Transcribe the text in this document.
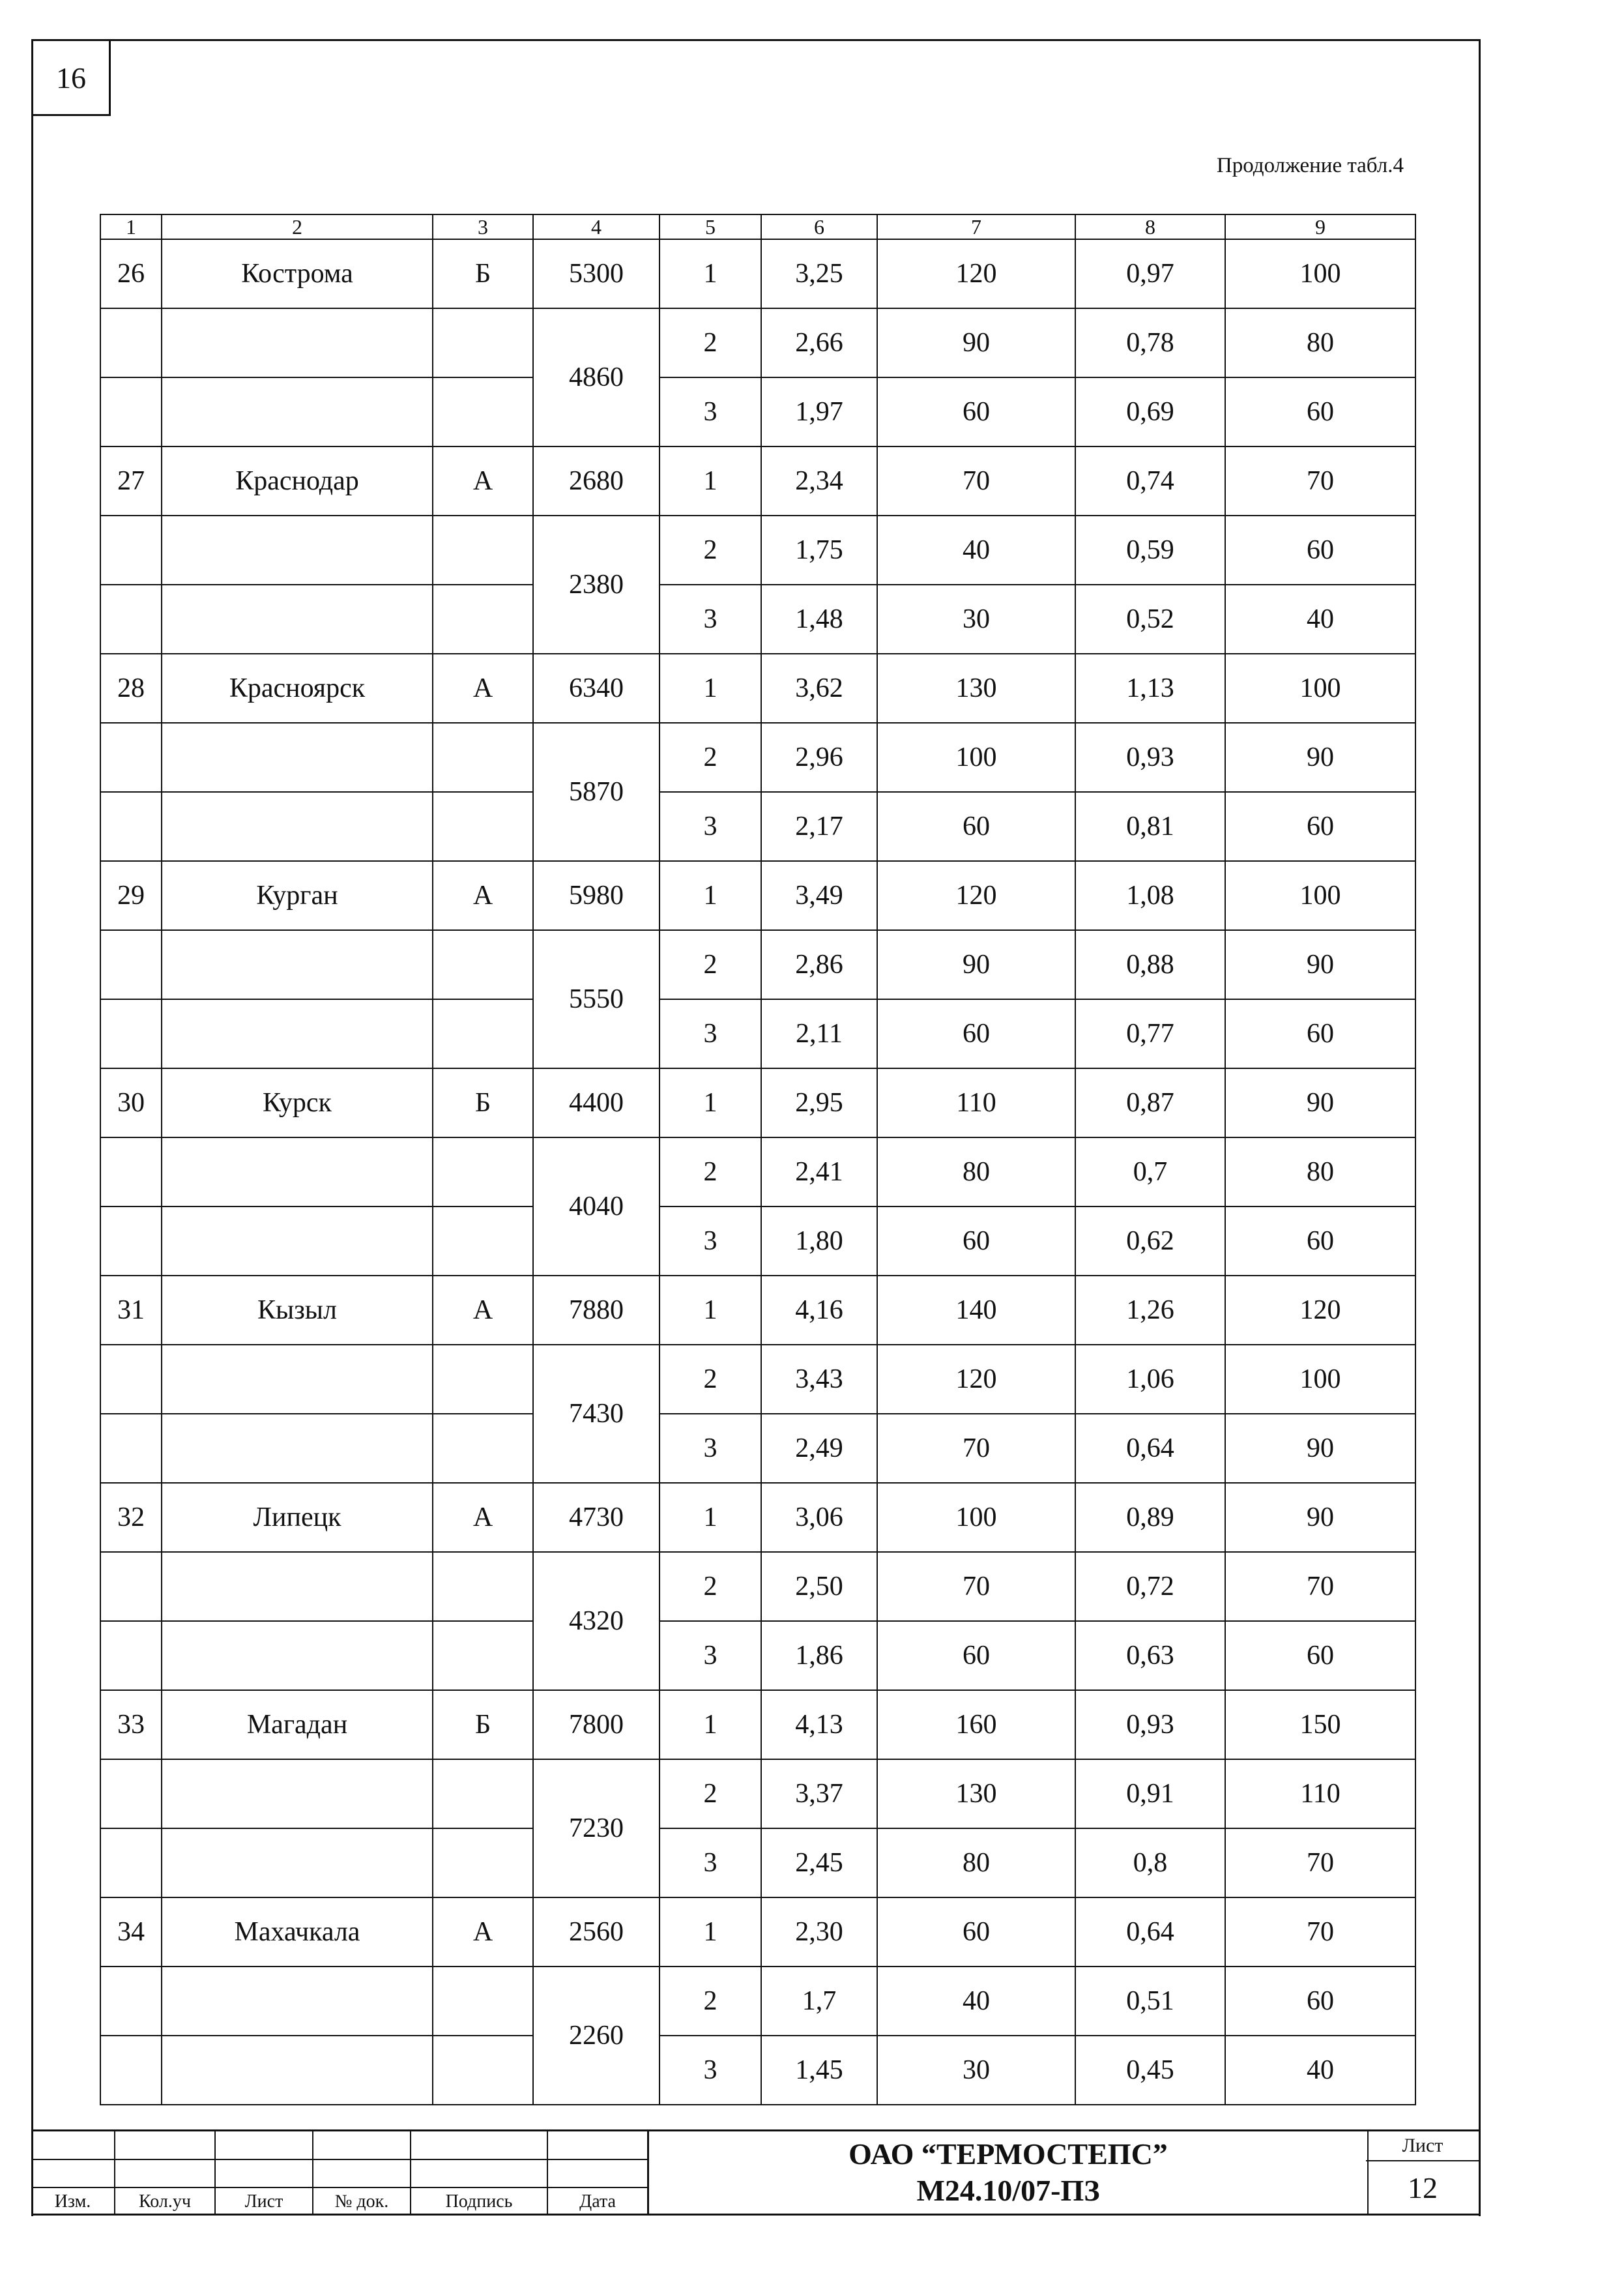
16
Продолжение табл.4
1	2	3	4	5	6	7	8	9
26	Кострома	Б	5300	1	3,25	120	0,97	100
			4860	2	2,66	90	0,78	80
				3	1,97	60	0,69	60
27	Краснодар	А	2680	1	2,34	70	0,74	70
			2380	2	1,75	40	0,59	60
				3	1,48	30	0,52	40
28	Красноярск	А	6340	1	3,62	130	1,13	100
			5870	2	2,96	100	0,93	90
				3	2,17	60	0,81	60
29	Курган	А	5980	1	3,49	120	1,08	100
			5550	2	2,86	90	0,88	90
				3	2,11	60	0,77	60
30	Курск	Б	4400	1	2,95	110	0,87	90
			4040	2	2,41	80	0,7	80
				3	1,80	60	0,62	60
31	Кызыл	А	7880	1	4,16	140	1,26	120
			7430	2	3,43	120	1,06	100
				3	2,49	70	0,64	90
32	Липецк	А	4730	1	3,06	100	0,89	90
			4320	2	2,50	70	0,72	70
				3	1,86	60	0,63	60
33	Магадан	Б	7800	1	4,13	160	0,93	150
			7230	2	3,37	130	0,91	110
				3	2,45	80	0,8	70
34	Махачкала	А	2560	1	2,30	60	0,64	70
			2260	2	1,7	40	0,51	60
				3	1,45	30	0,45	40

Изм.	Кол.уч	Лист	№ док.	Подпись	Дата
ОАО “ТЕРМОСТЕПС”
М24.10/07-ПЗ
Лист
12
